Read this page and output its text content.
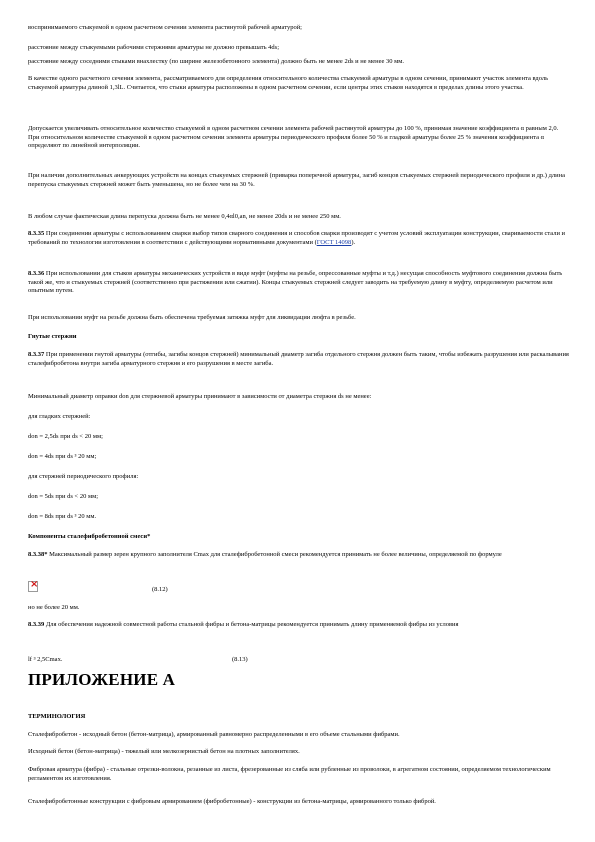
воспринимаемого стыкуемой в одном расчетном сечении элемента растянутой рабочей арматурой;

расстояние между стыкуемыми рабочими стержнями арматуры не должно превышать 4ds;

расстояние между соседними стыками внахлестку (по ширине железобетонного элемента) должно быть не менее 2ds и не менее 30 мм.

В качестве одного расчетного сечения элемента, рассматриваемого для определения относительного количества стыкуемой арматуры в одном сечении, принимают участок элемента вдоль стыкуемой арматуры длиной 1,3lL. Считается, что стыки арматуры расположены в одном расчетном сечении, если центры этих стыков находятся в пределах длины этого участка.

Допускается увеличивать относительное количество стыкуемой в одном расчетном сечении элемента рабочей растянутой арматуры до 100 %, принимая значение коэффициента α равным 2,0. При относительном количестве стыкуемой в одном расчетном сечении элемента арматуры периодического профиля более 50 % и гладкой арматуры более 25 % значения коэффициента α определяют по линейной интерполяции.

При наличии дополнительных анкерующих устройств на концах стыкуемых стержней (приварка поперечной арматуры, загиб концов стыкуемых стержней периодического профиля и др.) длина перепуска стыкуемых стержней может быть уменьшена, но не более чем на 30 %.

В любом случае фактическая длина перепуска должна быть не менее 0,4αl0,an, не менее 20ds и не менее 250 мм.

8.3.35 При соединении арматуры с использованием сварки выбор типов сварного соединения и способов сварки производят с учетом условий эксплуатации конструкции, свариваемости стали и требований по технологии изготовления в соответствии с действующими нормативными документами (ГОСТ 14098).

8.3.36 При использовании для стыков арматуры механических устройств в виде муфт (муфты на резьбе, опрессованные муфты и т.д.) несущая способность муфтового соединения должна быть такой же, что и стыкуемых стержней (соответственно при растяжении или сжатии). Концы стыкуемых стержней следует заводить на требуемую длину в муфту, определяемую расчетом или опытным путем.

При использовании муфт на резьбе должна быть обеспечена требуемая затяжка муфт для ликвидации люфта в резьбе.

Гнутые стержни

8.3.37 При применении гнутой арматуры (отгибы, загибы концов стержней) минимальный диаметр загиба отдельного стержня должен быть таким, чтобы избежать разрушения или раскалывания сталефибробетона внутри загиба арматурного стержня и его разрушения в месте загиба.

Минимальный диаметр оправки don для стержневой арматуры принимают в зависимости от диаметра стержня ds не менее:

для гладких стержней:

don = 2,5ds при ds < 20 мм;

don = 4ds при ds ³ 20 мм;

для стержней периодического профиля:

don = 5ds при ds < 20 мм;

don = 8ds при ds ³ 20 мм.

Компоненты сталефибробетонной смеси*

8.3.38* Максимальный размер зерен крупного заполнителя Сmax для сталефибробетонной смеси рекомендуется принимать не более величины, определяемой по формуле

×
(8.12)

но не более 20 мм.

8.3.39 Для обеспечения надежной совместной работы стальной фибры и бетона-матрицы рекомендуется принимать длину применяемой фибры из условия

lf ³ 2,5Cmax.	(8.13)
ПРИЛОЖЕНИЕ А

ТЕРМИНОЛОГИЯ

Сталефибробетон - исходный бетон (бетон-матрица), армированный равномерно распределенными в его объеме стальными фибрами.

Исходный бетон (бетон-матрица) - тяжелый или мелкозернистый бетон на плотных заполнителях.

Фибровая арматура (фибра) - стальные отрезки-волокна, резанные из листа, фрезерованные из сляба или рубленные из проволоки, в агрегатном состоянии, определяемом технологическим регламентом их изготовления.

Сталефибробетонные конструкции с фибровым армированием (фибробетонные) - конструкции из бетона-матрицы, армированного только фиброй.
